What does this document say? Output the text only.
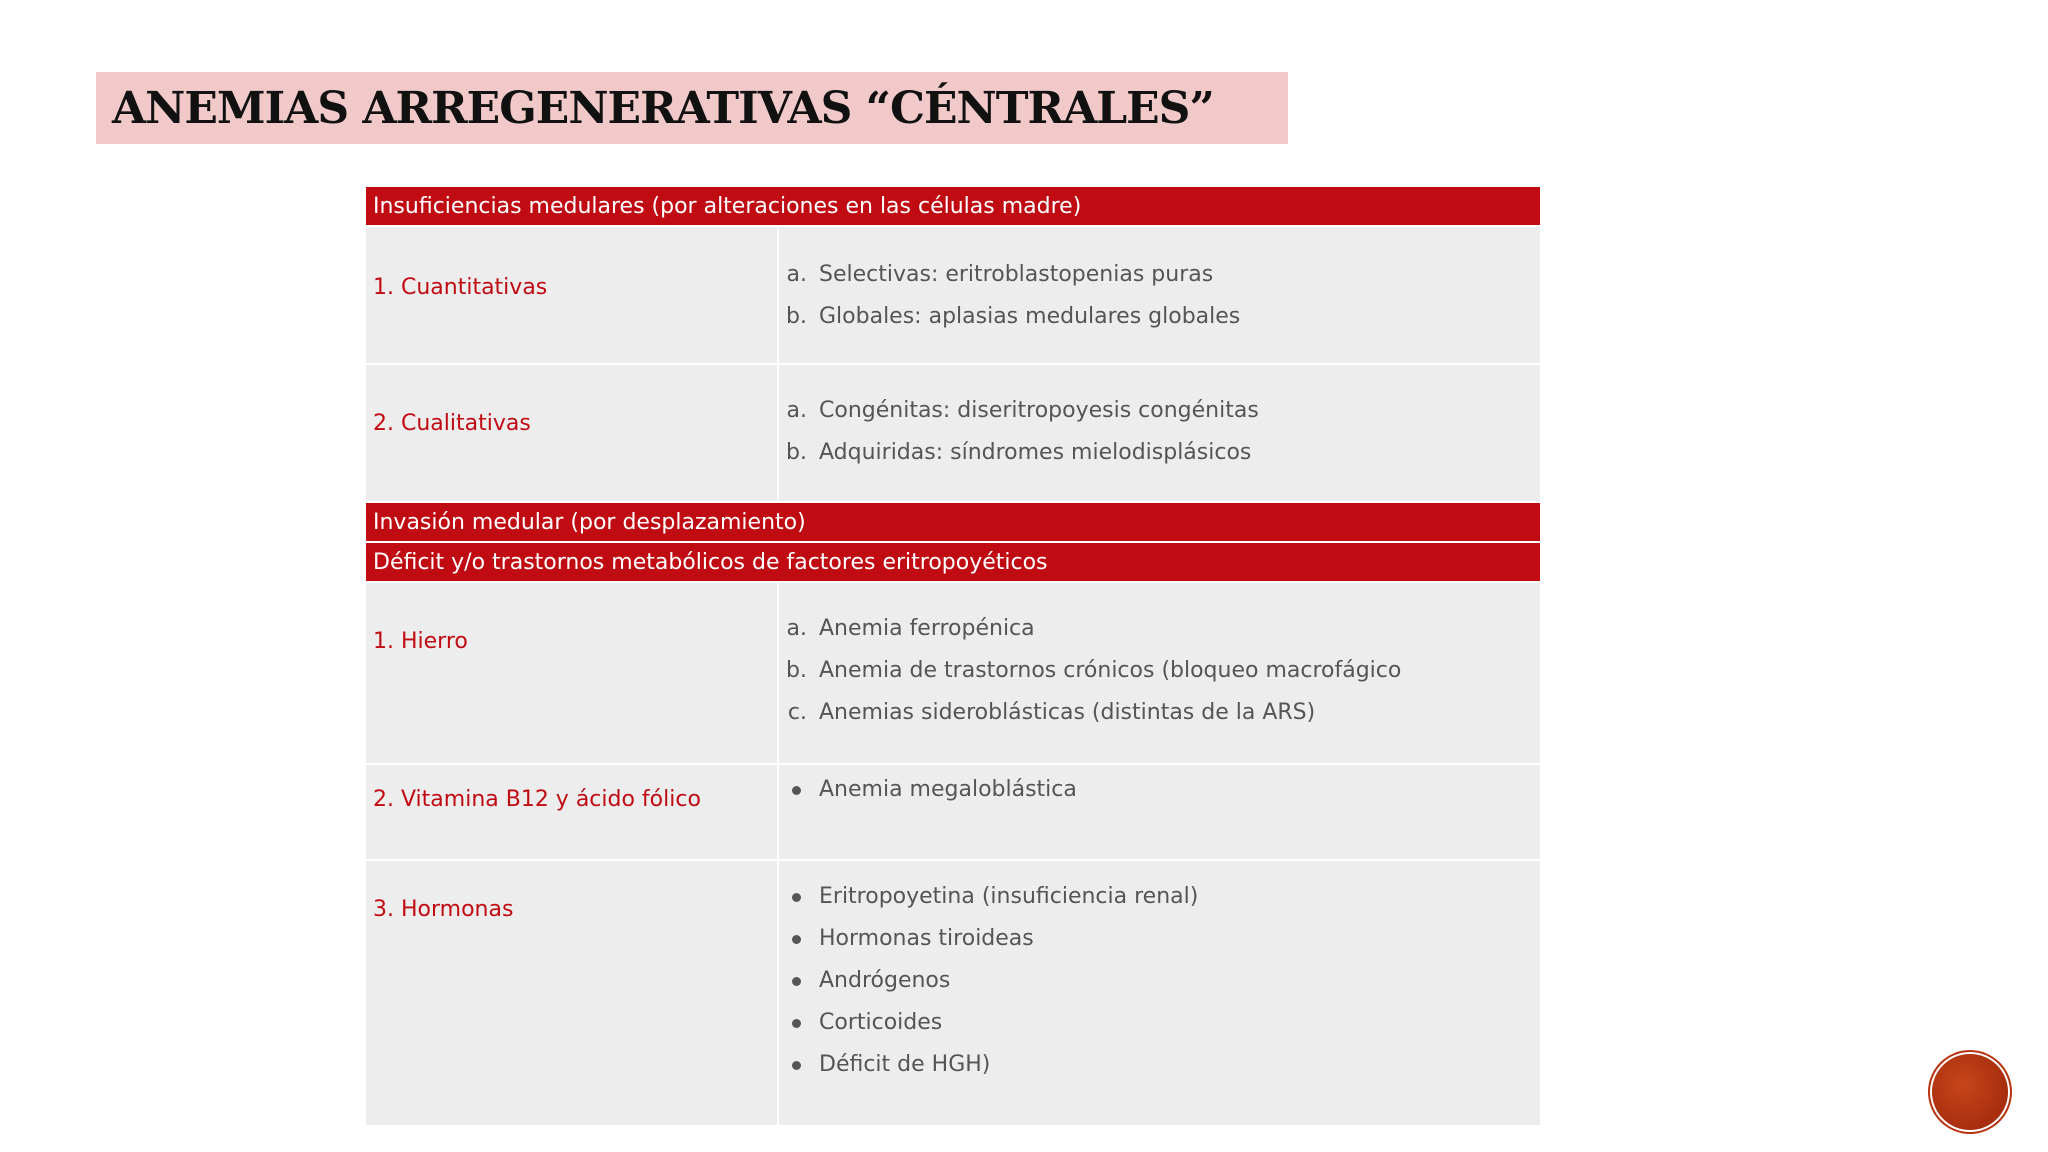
ANEMIAS ARREGENERATIVAS “CÉNTRALES”
Insuficiencias medulares (por alteraciones en las células madre)
1. Cuantitativas
a. Selectivas: eritroblastopenias puras
b. Globales: aplasias medulares globales
2. Cualitativas
a. Congénitas: diseritropoyesis congénitas
b. Adquiridas: síndromes mielodisplásicos
Invasión medular (por desplazamiento)
Déficit y/o trastornos metabólicos de factores eritropoyéticos
1. Hierro
a. Anemia ferropénica
b. Anemia de trastornos crónicos (bloqueo macrofágico
c. Anemias sideroblásticas (distintas de la ARS)
2. Vitamina B12 y ácido fólico	Anemia megaloblástica
3. Hormonas
Eritropoyetina (insuficiencia renal)
Hormonas tiroideas
Andrógenos
Corticoides
Déficit de HGH)
